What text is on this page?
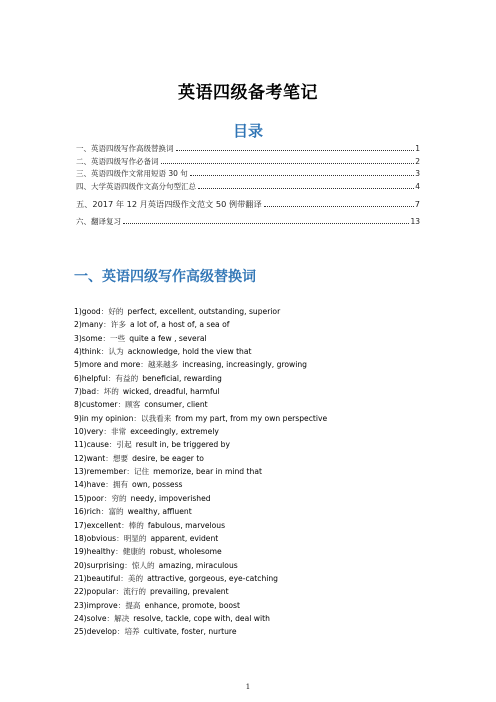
英语四级备考笔记
目录
一、英语四级写作高级替换词	1
二、英语四级写作必备词	2
三、英语四级作文常用短语 30 句	3
四、大学英语四级作文高分句型汇总	4
五、2017 年 12 月英语四级作文范文 50 例带翻译	7
六、翻译复习	13
一、英语四级写作高级替换词
1)good：好的 perfect, excellent, outstanding, superior
2)many：许多 a lot of, a host of, a sea of
3)some：一些 quite a few , several
4)think：认为 acknowledge, hold the view that
5)more and more：越来越多 increasing, increasingly, growing
6)helpful：有益的 beneficial, rewarding
7)bad：坏的 wicked, dreadful, harmful
8)customer：顾客 consumer, client
9)in my opinion：以我看来 from my part, from my own perspective
10)very：非常 exceedingly, extremely
11)cause：引起 result in, be triggered by
12)want：想要 desire, be eager to
13)remember：记住 memorize, bear in mind that
14)have：拥有 own, possess
15)poor：穷的 needy, impoverished
16)rich：富的 wealthy, affluent
17)excellent：棒的 fabulous, marvelous
18)obvious：明显的 apparent, evident
19)healthy：健康的 robust, wholesome
20)surprising：惊人的 amazing, miraculous
21)beautiful：美的 attractive, gorgeous, eye-catching
22)popular：流行的 prevailing, prevalent
23)improve：提高 enhance, promote, boost
24)solve：解决 resolve, tackle, cope with, deal with
25)develop：培养 cultivate, foster, nurture
1
